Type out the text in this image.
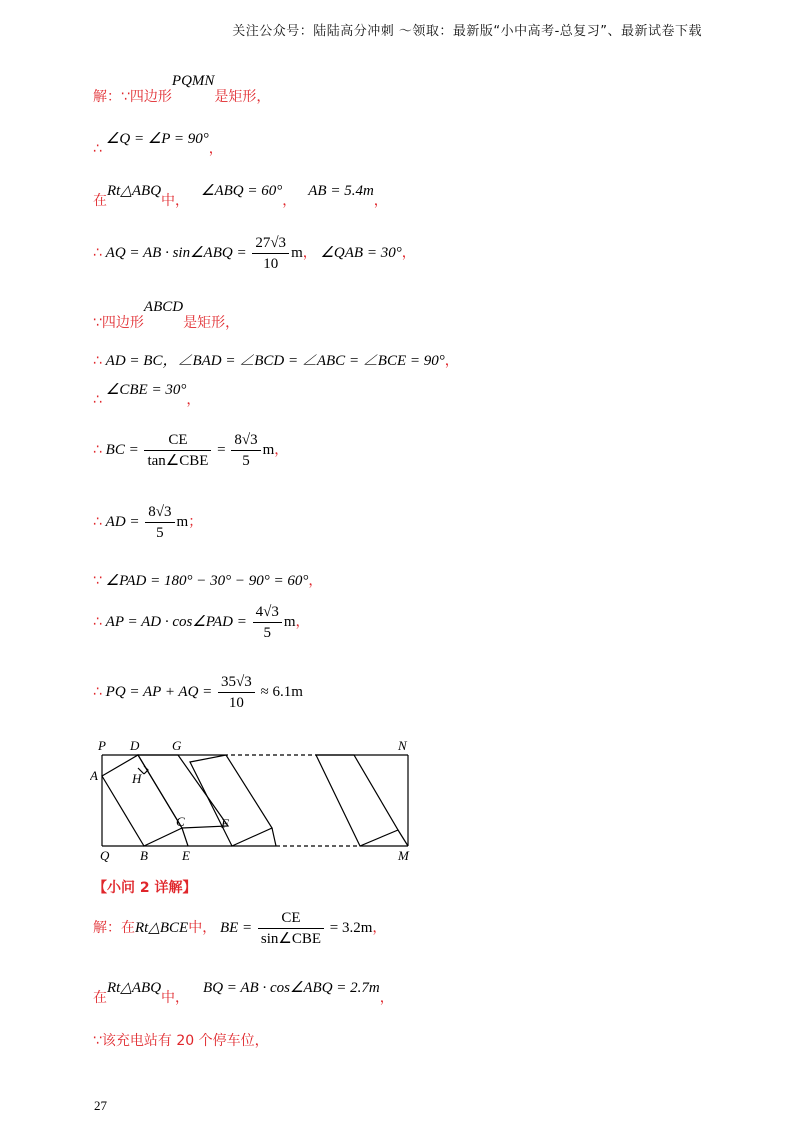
关注公众号：陆陆高分冲刺 〜领取：最新版“小中高考-总复习”、最新试卷下载
解：∵四边形PQMN是矩形，
∴∠Q = ∠P = 90°，
在Rt△ABQ中，∠ABQ = 60°，AB = 5.4m，
∴ AQ = AB · sin∠ABQ = $\frac{27√3}{10}$ m， ∠QAB = 30°，
∵四边形ABCD是矩形，
∴ AD = BC，∠BAD = ∠BCD = ∠ABC = ∠BCE = 90°，
∴∠CBE = 30°，
∴ BC = $\frac{CE}{\text{tan∠CBE}} = \frac{8√3}{5}$ m，
∴ AD = $\frac{8√3}{5}$ m；
∵ ∠PAD = 180° − 30° − 90° = 60°，
∴ AP = AD · cos∠PAD = $\frac{4√3}{5}$ m，
∴ PQ = AP + AQ = $\frac{35√3}{10} \approx 6.1m$
P D	G	N
A	H
C	F
Q B	E	M
【小问 2 详解】
解：在Rt△BCE中， BE = $\frac{CE}{\text{sin∠CBE}} = 3.2m$，
在Rt△ABQ中，BQ = AB · cos∠ABQ = 2.7m，
∵该充电站有 20 个停车位，
27
